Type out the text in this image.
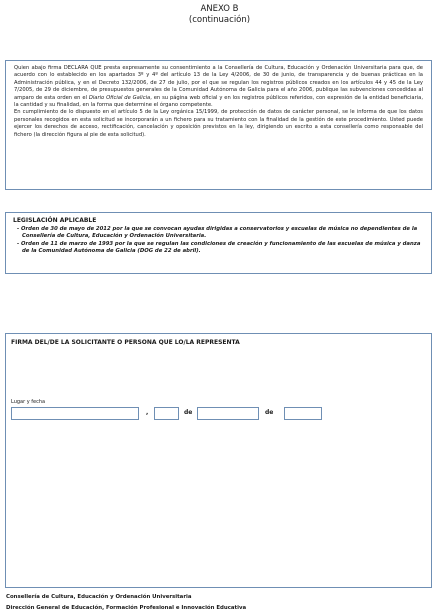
ANEXO B
(continuación)

Quien abajo firma DECLARA QUE presta expresamente su consentimiento a la Consellería de Cultura, Educación y Ordenación Universitaria para que, de acuerdo con lo establecido en los apartados 3º y 4º del artículo 13 de la Ley 4/2006, de 30 de junio, de transparencia y de buenas prácticas en la Administración pública, y en el Decreto 132/2006, de 27 de julio, por el que se regulan los registros públicos creados en los artículos 44 y 45 de la Ley 7/2005, de 29 de diciembre, de presupuestos generales de la Comunidad Autónoma de Galicia para el año 2006, publique las subvenciones concedidas al amparo de esta orden en el Diario Oficial de Galicia, en su página web oficial y en los registros públicos referidos, con expresión de la entidad beneficiaria, la cantidad y su finalidad, en la forma que determine el órgano competente.

En cumplimiento de lo dispuesto en el artículo 5 de la Ley orgánica 15/1999, de protección de datos de carácter personal, se le informa de que los datos personales recogidos en esta solicitud se incorporarán a un fichero para su tratamiento con la finalidad de la gestión de este procedimiento. Usted puede ejercer los derechos de acceso, rectificación, cancelación y oposición previstos en la ley, dirigiendo un escrito a esta consellería como responsable del fichero (la dirección figura al pie de esta solicitud).

LEGISLACIÓN APLICABLE
- Orden de 30 de mayo de 2012 por la que se convocan ayudas dirigidas a conservatorios y escuelas de música no dependientes de la Consellería de Cultura, Educación y Ordenación Universitaria.
- Orden de 11 de marzo de 1993 por la que se regulan las condiciones de creación y funcionamiento de las escuelas de música y danza de la Comunidad Autónoma de Galicia (DOG de 22 de abril).
FIRMA DEL/DE LA SOLICITANTE O PERSONA QUE LO/LA REPRESENTA
Lugar y fecha
,	de	de
Consellería de Cultura, Educación y Ordenación Universitaria
Dirección General de Educación, Formación Profesional e Innovación Educativa
